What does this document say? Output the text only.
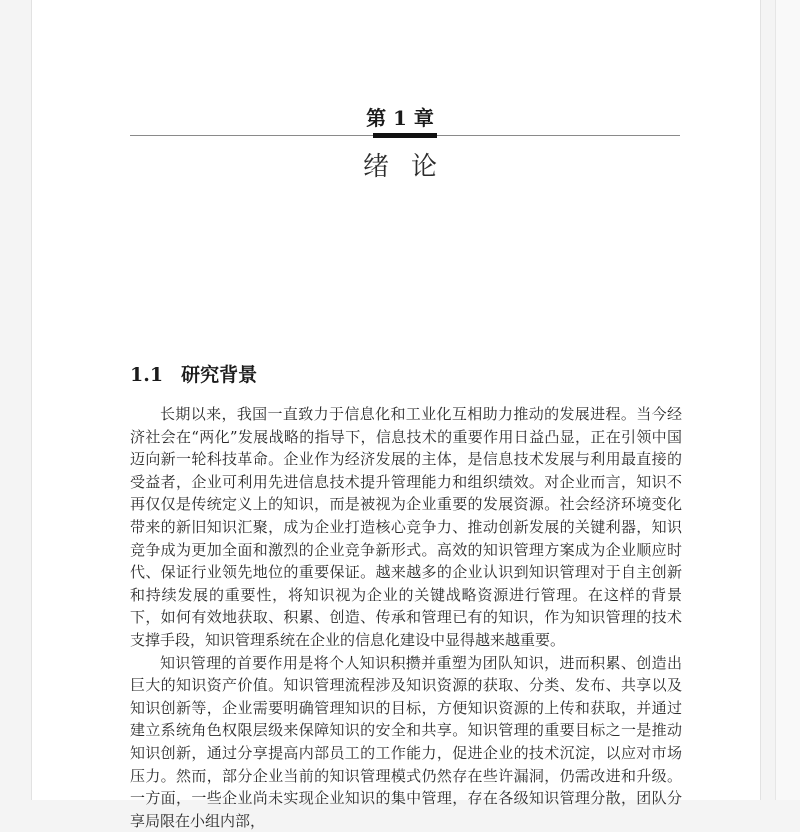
第 1 章
绪论
1.1 研究背景

长期以来，我国一直致力于信息化和工业化互相助力推动的发展进程。当今经济社会在“两化”发展战略的指导下，信息技术的重要作用日益凸显，正在引领中国迈向新一轮科技革命。企业作为经济发展的主体，是信息技术发展与利用最直接的受益者，企业可利用先进信息技术提升管理能力和组织绩效。对企业而言，知识不再仅仅是传统定义上的知识，而是被视为企业重要的发展资源。社会经济环境变化带来的新旧知识汇聚，成为企业打造核心竞争力、推动创新发展的关键利器，知识竞争成为更加全面和激烈的企业竞争新形式。高效的知识管理方案成为企业顺应时代、保证行业领先地位的重要保证。越来越多的企业认识到知识管理对于自主创新和持续发展的重要性，将知识视为企业的关键战略资源进行管理。在这样的背景下，如何有效地获取、积累、创造、传承和管理已有的知识，作为知识管理的技术支撑手段，知识管理系统在企业的信息化建设中显得越来越重要。

知识管理的首要作用是将个人知识积攒并重塑为团队知识，进而积累、创造出巨大的知识资产价值。知识管理流程涉及知识资源的获取、分类、发布、共享以及知识创新等，企业需要明确管理知识的目标，方便知识资源的上传和获取，并通过建立系统角色权限层级来保障知识的安全和共享。知识管理的重要目标之一是推动知识创新，通过分享提高内部员工的工作能力，促进企业的技术沉淀，以应对市场压力。然而，部分企业当前的知识管理模式仍然存在些许漏洞，仍需改进和升级。一方面，一些企业尚未实现企业知识的集中管理，存在各级知识管理分散，团队分享局限在小组内部，
